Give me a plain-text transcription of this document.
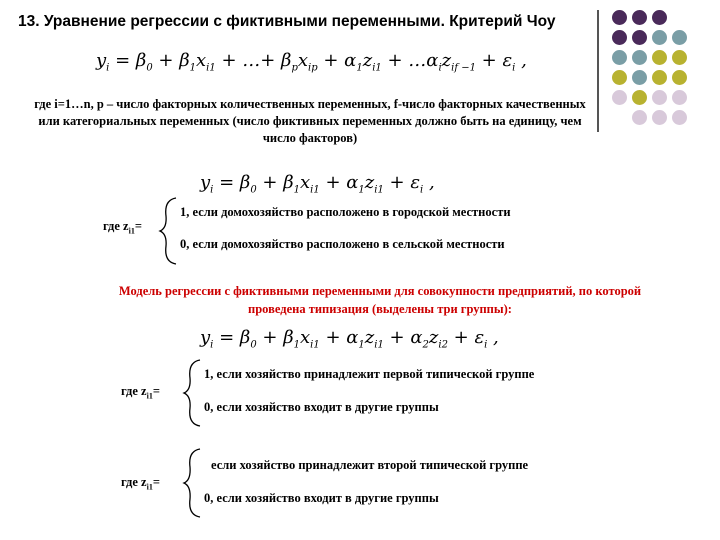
13. Уравнение регрессии с фиктивными переменными. Критерий Чоу
$y_i = \beta_0 + \beta_1x_{i1}$ + …+ $\beta_px_{ip} + \alpha_1z_{i1}$ + $\dots\alpha_iz_{if -1} + \varepsilon_i$ ,
где i=1…n, p – число факторных количественных переменных, f-число факторных качественных или категориальных переменных (число фиктивных переменных должно быть на единицу, чем число факторов)
$y_i = \beta_0 + \beta_1x_{i1} + \alpha_1z_{i1} + \varepsilon_i$ ,
где $z_{i1}=$
1, если домохозяйство расположено в городской местности
0, если домохозяйство расположено в сельской местности
Модель регрессии с фиктивными переменными для совокупности предприятий, по которой проведена типизация (выделены три группы):
$y_i = \beta_0 + \beta_1x_{i1} + \alpha_1z_{i1} + \alpha_2z_{i2} + \varepsilon_i$ ,
где $z_{i1}=$
1, если хозяйство принадлежит первой типической группе
0, если хозяйство входит в другие группы
где $z_{i1}=$
если хозяйство принадлежит второй типической группе
0, если хозяйство входит в другие группы
